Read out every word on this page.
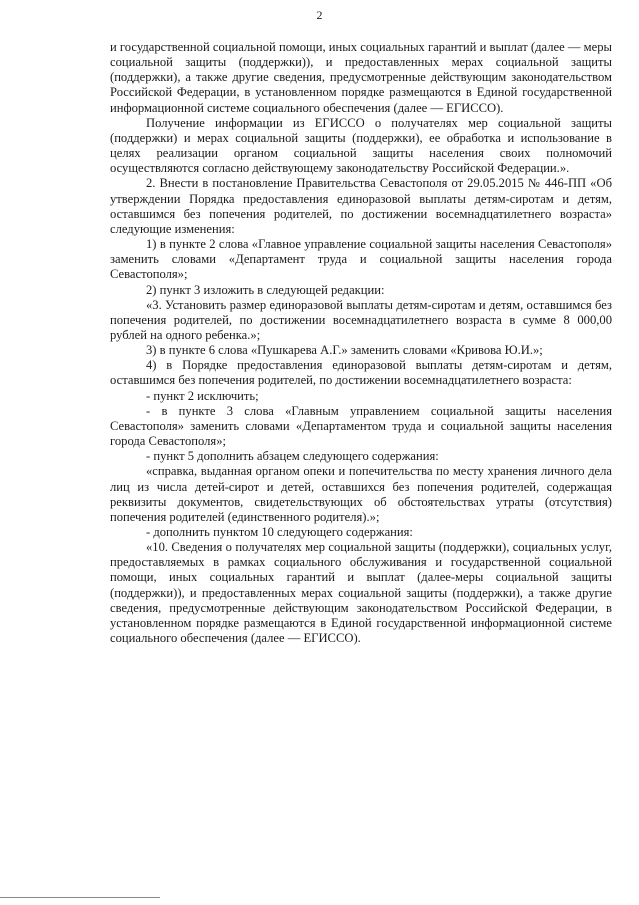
2

и государственной социальной помощи, иных социальных гарантий и выплат (далее — меры социальной защиты (поддержки)), и предоставленных мерах социальной защиты (поддержки), а также другие сведения, предусмотренные действующим законодательством Российской Федерации, в установленном порядке размещаются в Единой государственной информационной системе социального обеспечения (далее — ЕГИССО).

Получение информации из ЕГИССО о получателях мер социальной защиты (поддержки) и мерах социальной защиты (поддержки), ее обработка и использование в целях реализации органом социальной защиты населения своих полномочий осуществляются согласно действующему законодательству Российской Федерации.».

2. Внести в постановление Правительства Севастополя от 29.05.2015 № 446-ПП «Об утверждении Порядка предоставления единоразовой выплаты детям-сиротам и детям, оставшимся без попечения родителей, по достижении восемнадцатилетнего возраста» следующие изменения:

1) в пункте 2 слова «Главное управление социальной защиты населения Севастополя» заменить словами «Департамент труда и социальной защиты населения города Севастополя»;

2) пункт 3 изложить в следующей редакции:

«3. Установить размер единоразовой выплаты детям-сиротам и детям, оставшимся без попечения родителей, по достижении восемнадцатилетнего возраста в сумме 8 000,00 рублей на одного ребенка.»;

3) в пункте 6 слова «Пушкарева А.Г.» заменить словами «Кривова Ю.И.»;

4) в Порядке предоставления единоразовой выплаты детям-сиротам и детям, оставшимся без попечения родителей, по достижении восемнадцатилетнего возраста:

- пункт 2 исключить;

- в пункте 3 слова «Главным управлением социальной защиты населения Севастополя» заменить словами «Департаментом труда и социальной защиты населения города Севастополя»;

- пункт 5 дополнить абзацем следующего содержания:

«справка, выданная органом опеки и попечительства по месту хранения личного дела лиц из числа детей-сирот и детей, оставшихся без попечения родителей, содержащая реквизиты документов, свидетельствующих об обстоятельствах утраты (отсутствия) попечения родителей (единственного родителя).»;

- дополнить пунктом 10 следующего содержания:

«10. Сведения о получателях мер социальной защиты (поддержки), социальных услуг, предоставляемых в рамках социального обслуживания и государственной социальной помощи, иных социальных гарантий и выплат (далее-меры социальной защиты (поддержки)), и предоставленных мерах социальной защиты (поддержки), а также другие сведения, предусмотренные действующим законодательством Российской Федерации, в установленном порядке размещаются в Единой государственной информационной системе социального обеспечения (далее — ЕГИССО).
